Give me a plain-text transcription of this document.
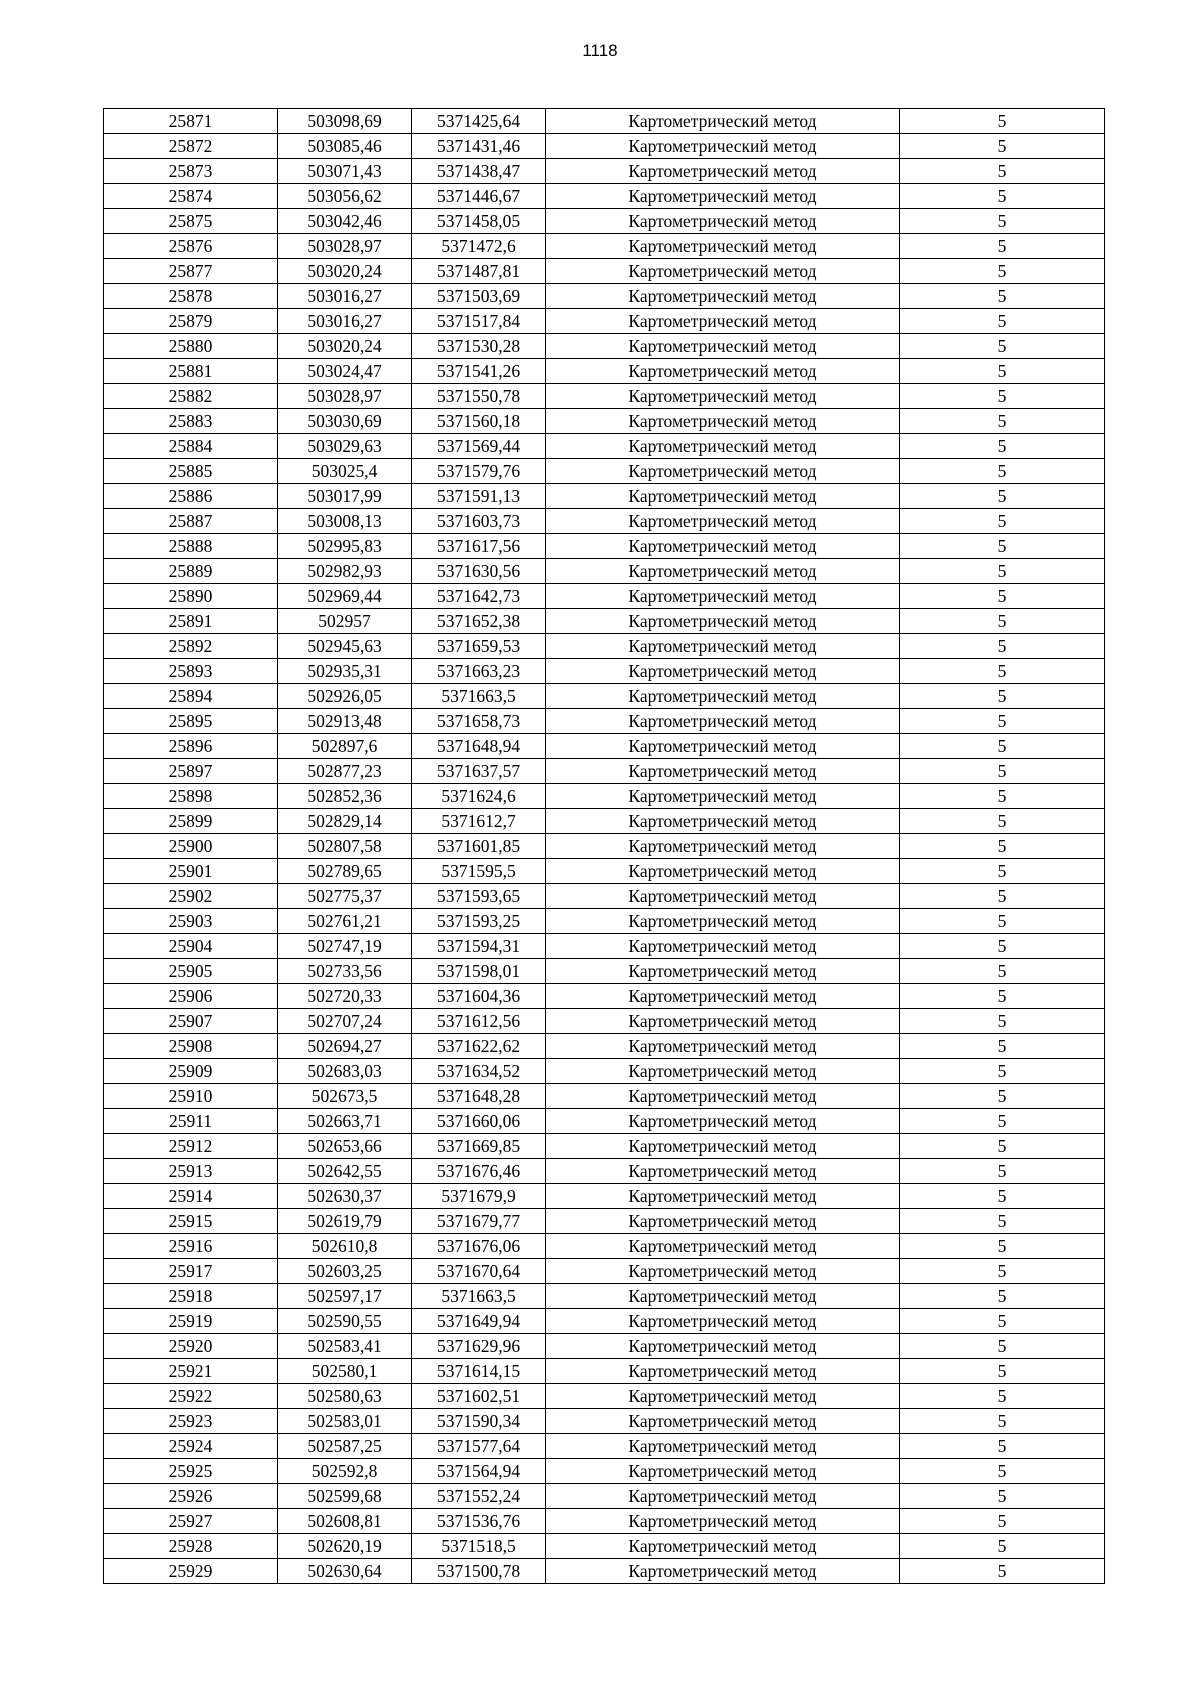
1118
25871	503098,69	5371425,64	Картометрический метод	5
25872	503085,46	5371431,46	Картометрический метод	5
25873	503071,43	5371438,47	Картометрический метод	5
25874	503056,62	5371446,67	Картометрический метод	5
25875	503042,46	5371458,05	Картометрический метод	5
25876	503028,97	5371472,6	Картометрический метод	5
25877	503020,24	5371487,81	Картометрический метод	5
25878	503016,27	5371503,69	Картометрический метод	5
25879	503016,27	5371517,84	Картометрический метод	5
25880	503020,24	5371530,28	Картометрический метод	5
25881	503024,47	5371541,26	Картометрический метод	5
25882	503028,97	5371550,78	Картометрический метод	5
25883	503030,69	5371560,18	Картометрический метод	5
25884	503029,63	5371569,44	Картометрический метод	5
25885	503025,4	5371579,76	Картометрический метод	5
25886	503017,99	5371591,13	Картометрический метод	5
25887	503008,13	5371603,73	Картометрический метод	5
25888	502995,83	5371617,56	Картометрический метод	5
25889	502982,93	5371630,56	Картометрический метод	5
25890	502969,44	5371642,73	Картометрический метод	5
25891	502957	5371652,38	Картометрический метод	5
25892	502945,63	5371659,53	Картометрический метод	5
25893	502935,31	5371663,23	Картометрический метод	5
25894	502926,05	5371663,5	Картометрический метод	5
25895	502913,48	5371658,73	Картометрический метод	5
25896	502897,6	5371648,94	Картометрический метод	5
25897	502877,23	5371637,57	Картометрический метод	5
25898	502852,36	5371624,6	Картометрический метод	5
25899	502829,14	5371612,7	Картометрический метод	5
25900	502807,58	5371601,85	Картометрический метод	5
25901	502789,65	5371595,5	Картометрический метод	5
25902	502775,37	5371593,65	Картометрический метод	5
25903	502761,21	5371593,25	Картометрический метод	5
25904	502747,19	5371594,31	Картометрический метод	5
25905	502733,56	5371598,01	Картометрический метод	5
25906	502720,33	5371604,36	Картометрический метод	5
25907	502707,24	5371612,56	Картометрический метод	5
25908	502694,27	5371622,62	Картометрический метод	5
25909	502683,03	5371634,52	Картометрический метод	5
25910	502673,5	5371648,28	Картометрический метод	5
25911	502663,71	5371660,06	Картометрический метод	5
25912	502653,66	5371669,85	Картометрический метод	5
25913	502642,55	5371676,46	Картометрический метод	5
25914	502630,37	5371679,9	Картометрический метод	5
25915	502619,79	5371679,77	Картометрический метод	5
25916	502610,8	5371676,06	Картометрический метод	5
25917	502603,25	5371670,64	Картометрический метод	5
25918	502597,17	5371663,5	Картометрический метод	5
25919	502590,55	5371649,94	Картометрический метод	5
25920	502583,41	5371629,96	Картометрический метод	5
25921	502580,1	5371614,15	Картометрический метод	5
25922	502580,63	5371602,51	Картометрический метод	5
25923	502583,01	5371590,34	Картометрический метод	5
25924	502587,25	5371577,64	Картометрический метод	5
25925	502592,8	5371564,94	Картометрический метод	5
25926	502599,68	5371552,24	Картометрический метод	5
25927	502608,81	5371536,76	Картометрический метод	5
25928	502620,19	5371518,5	Картометрический метод	5
25929	502630,64	5371500,78	Картометрический метод	5
